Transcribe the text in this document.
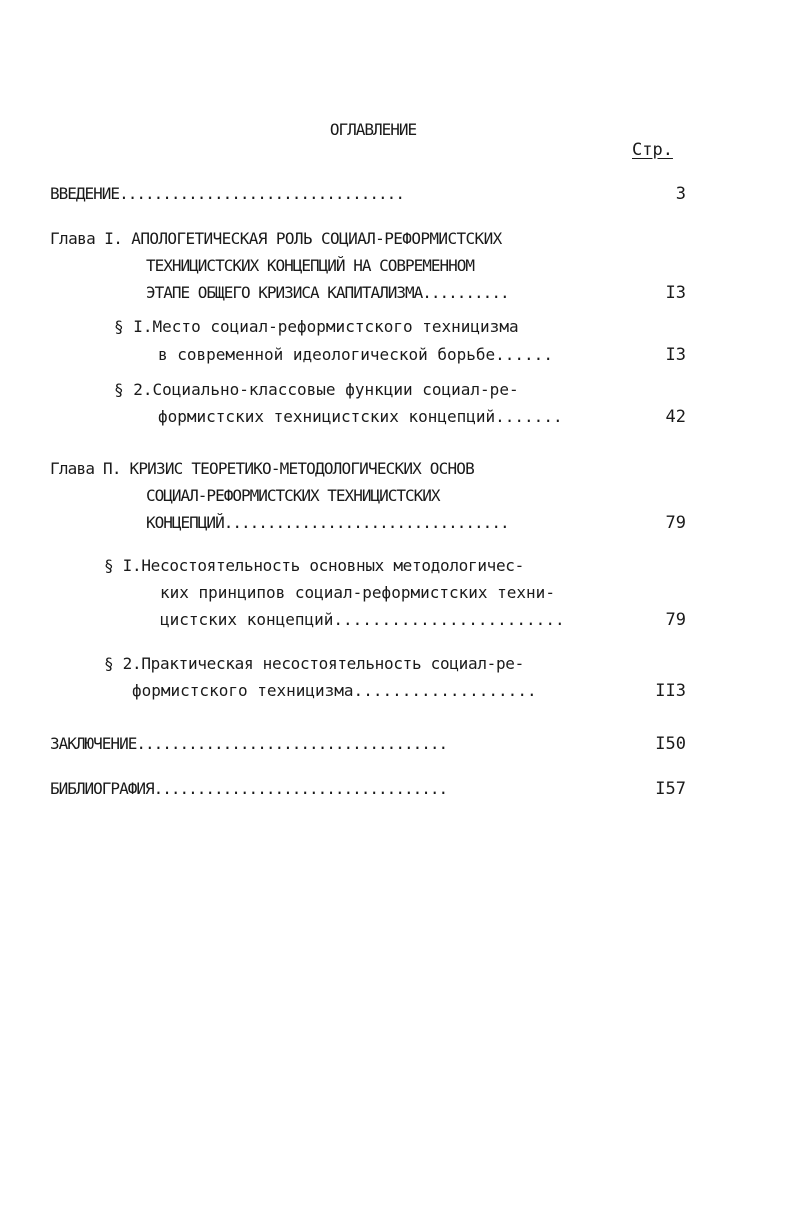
ОГЛАВЛЕНИЕ
Стр.
ВВЕДЕНИЕ.................................	3
Глава I. АПОЛОГЕТИЧЕСКАЯ РОЛЬ СОЦИАЛ-РЕФОРМИСТСКИХ
ТЕХНИЦИСТСКИХ КОНЦЕПЦИЙ НА СОВРЕМЕННОМ
ЭТАПЕ ОБЩЕГО КРИЗИСА КАПИТАЛИЗМА..........	I3
§ I.Место социал-реформистского техницизма
в современной идеологической борьбе......	I3
§ 2.Социально-классовые функции социал-ре-
формистских техницистских концепций.......	42
Глава П. КРИЗИС ТЕОРЕТИКО-МЕТОДОЛОГИЧЕСКИХ ОСНОВ
СОЦИАЛ-РЕФОРМИСТСКИХ ТЕХНИЦИСТСКИХ
КОНЦЕПЦИЙ.................................	79
§ I.Несостоятельность основных методологичес-
ких принципов социал-реформистских техни-
цистских концепций........................	79
§ 2.Практическая несостоятельность социал-ре-
формистского техницизма...................	II3
ЗАКЛЮЧЕНИЕ....................................	I50
БИБЛИОГРАФИЯ..................................	I57
